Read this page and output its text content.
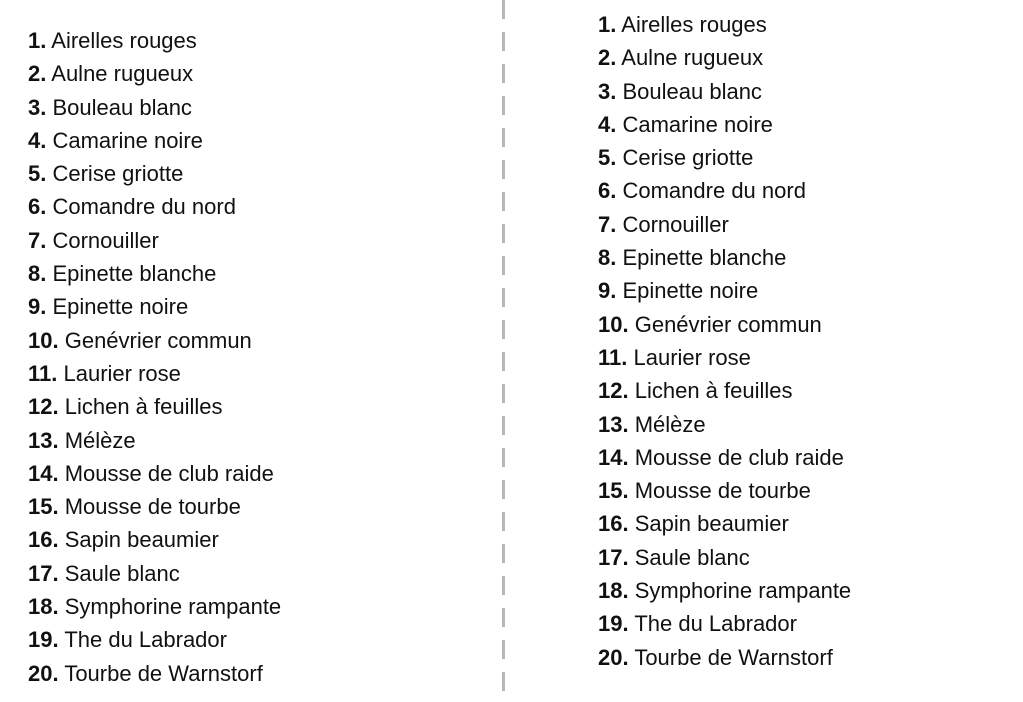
1. Airelles rouges
2. Aulne rugueux
3. Bouleau blanc
4. Camarine noire
5. Cerise griotte
6. Comandre du nord
7. Cornouiller
8. Epinette blanche
9. Epinette noire
10. Genévrier commun
11. Laurier rose
12. Lichen à feuilles
13. Mélèze
14. Mousse de club raide
15. Mousse de tourbe
16. Sapin beaumier
17. Saule blanc
18. Symphorine rampante
19. The du Labrador
20. Tourbe de Warnstorf
1. Airelles rouges
2. Aulne rugueux
3. Bouleau blanc
4. Camarine noire
5. Cerise griotte
6. Comandre du nord
7. Cornouiller
8. Epinette blanche
9. Epinette noire
10. Genévrier commun
11. Laurier rose
12. Lichen à feuilles
13. Mélèze
14. Mousse de club raide
15. Mousse de tourbe
16. Sapin beaumier
17. Saule blanc
18. Symphorine rampante
19. The du Labrador
20. Tourbe de Warnstorf
